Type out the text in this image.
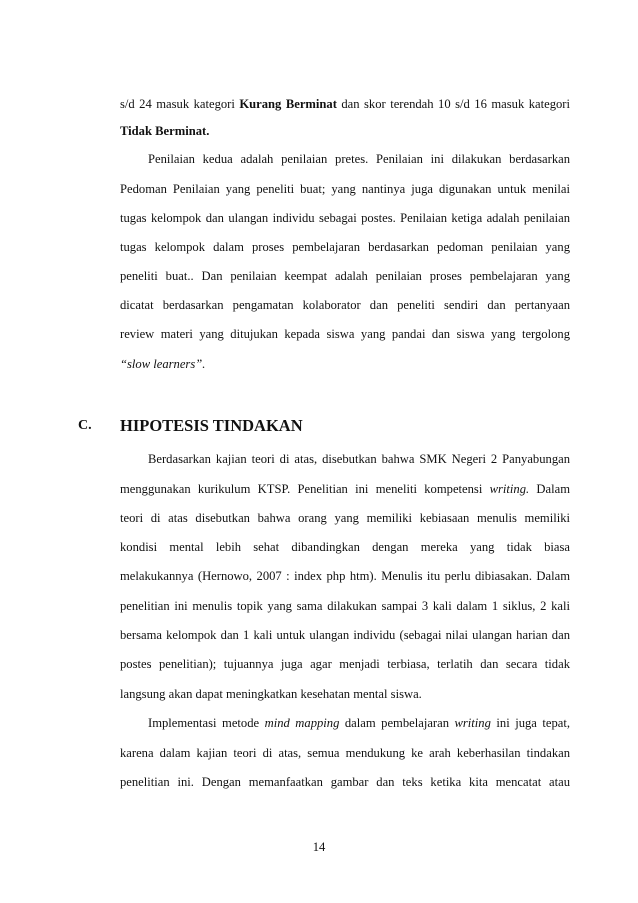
s/d 24 masuk kategori Kurang Berminat dan skor terendah 10 s/d 16 masuk kategori
Tidak Berminat.
Penilaian kedua adalah penilaian pretes. Penilaian ini dilakukan berdasarkan
Pedoman Penilaian yang peneliti buat; yang nantinya juga digunakan untuk menilai
tugas kelompok dan ulangan individu sebagai postes. Penilaian ketiga adalah penilaian
tugas kelompok dalam proses pembelajaran berdasarkan pedoman penilaian yang
peneliti buat.. Dan penilaian keempat adalah penilaian proses pembelajaran yang
dicatat berdasarkan pengamatan kolaborator dan peneliti sendiri dan pertanyaan
review materi yang ditujukan kepada siswa yang pandai dan siswa yang tergolong
“slow learners”.
C. HIPOTESIS TINDAKAN
Berdasarkan kajian teori di atas, disebutkan bahwa SMK Negeri 2 Panyabungan
menggunakan kurikulum KTSP. Penelitian ini meneliti kompetensi writing. Dalam
teori di atas disebutkan bahwa orang yang memiliki kebiasaan menulis memiliki
kondisi mental lebih sehat dibandingkan dengan mereka yang tidak biasa
melakukannya (Hernowo, 2007 : index php htm). Menulis itu perlu dibiasakan. Dalam
penelitian ini menulis topik yang sama dilakukan sampai 3 kali dalam 1 siklus, 2 kali
bersama kelompok dan 1 kali untuk ulangan individu (sebagai nilai ulangan harian dan
postes penelitian); tujuannya juga agar menjadi terbiasa, terlatih dan secara tidak
langsung akan dapat meningkatkan kesehatan mental siswa.
Implementasi metode mind mapping dalam pembelajaran writing ini juga tepat,
karena dalam kajian teori di atas, semua mendukung ke arah keberhasilan tindakan
penelitian ini. Dengan memanfaatkan gambar dan teks ketika kita mencatat atau
14
